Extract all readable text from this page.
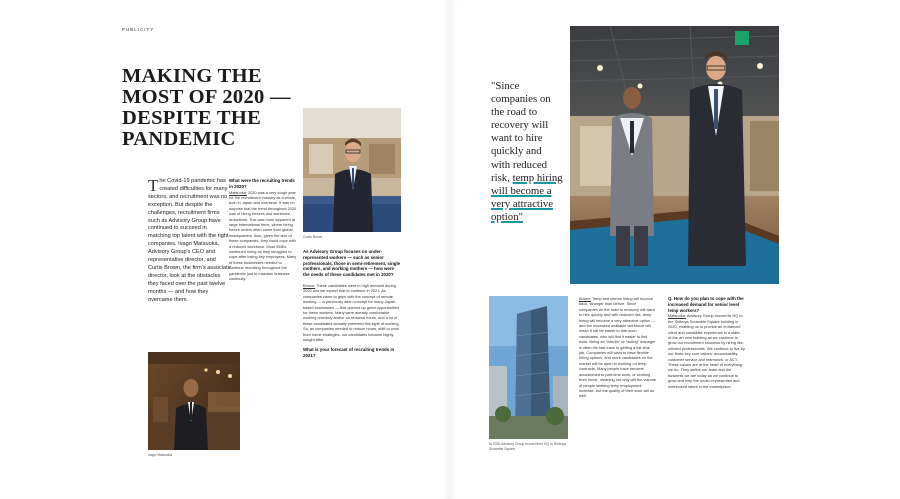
PUBLICITY
MAKING THE MOST OF 2020 — DESPITE THE PANDEMIC
The Covid-19 pandemic has created difficulties for many sectors, and recruitment was no exception. But despite the challenges, recruitment firms such as Advisory Group have continued to succeed in matching top talent with the right companies. Ivago Matsuoka, Advisory Group's CEO and representative director, and Curtis Brown, the firm's associate director, look at the obstacles they faced over the past twelve months — and how they overcame them.
Ivago Matsuoka

What were the recruiting trends in 2020?
Matsuoka: 2020 was a very tough year for the recruitment industry as a whole, both in Japan and overseas. It was no surprise that the trend throughout 2020 was of hiring freezes and workforce reductions. This was more apparent at large international firms, where hiring freeze orders often came from global headquarters. Also, given the size of these companies, they could cope with a reduced workforce. Most SMEs continued hiring as they struggled to cope after losing key employees. Many of these businesses needed to continue recruiting throughout the pandemic just to maintain business continuity.

Curtis Brown

As Advisory Group focuses on under-represented workers — such as senior professionals, those in semi-retirement, single mothers, and working mothers — how were the needs of these candidates met in 2020?

Brown: These candidates were in high demand during 2020 and we expect that to continue in 2021. As companies came to grips with the concept of remote working — a previously alien concept for many Japan-based businesses — this opened up great opportunities for these workers. Many were already comfortable working remotely and/or on reduced hours, and a lot of these candidates actually preferred this style of working. So, as companies needed to reduce hours, shift to work from home strategies, our candidates became highly sought after.

What is your forecast of recruiting trends in 2021?

"Since companies on the road to recovery will want to hire quickly and with reduced risk, temp hiring will become a very attractive option"
In 2020 Advisory Group moved their HQ to Shibuya Scramble Square

Brown: Temp and interim hiring will bounce back, stronger than before. Since companies on the road to recovery will want to hire quickly and with reduced risk, temp hiring will become a very attractive option — and the increased available workforce will mean it will be easier to hire such candidates, who will find it easier to find work. Being an "interim" or "acting" manager is often the fast track to getting a full-time job. Companies will want to have flexible hiring options, and more candidates on the market will be open to working on temp contracts. Many people have become accustomed to part-time work, or working from home, meaning not only will the volume of people seeking temp employment increase, but the quality of their work will as well.

Q. How do you plan to cope with the increased demand for senior level temp workers?
Matsuoka: Advisory Group moved its HQ to the Shibuya Scramble Square building in 2020, enabling us to provide an enhanced client and candidate experience in a state-of-the-art new building as we continue to grow our recruitment business by hiring like-minded professionals. We continue to live by our three key core values: accountability, customer service and teamwork, or ACT. These values are at the heart of everything we do. They define our team and the business we are today as we continue to grow and help the under-represented and overlooked talent in the marketplace.
